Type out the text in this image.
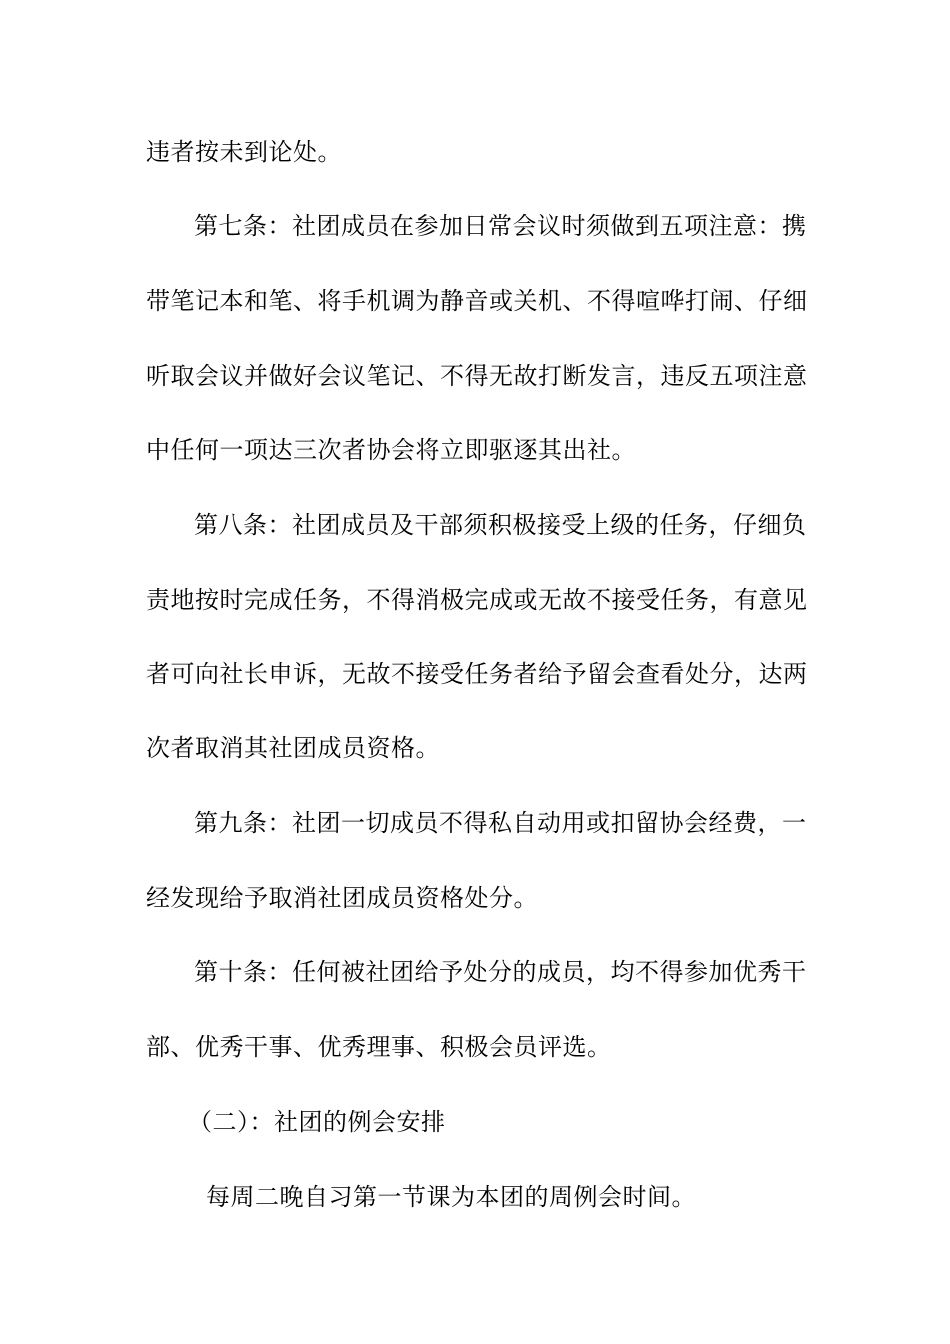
违者按未到论处。
第七条：社团成员在参加日常会议时须做到五项注意：携
带笔记本和笔、将手机调为静音或关机、不得喧哗打闹、仔细
听取会议并做好会议笔记、不得无故打断发言，违反五项注意
中任何一项达三次者协会将立即驱逐其出社。
第八条：社团成员及干部须积极接受上级的任务，仔细负
责地按时完成任务，不得消极完成或无故不接受任务，有意见
者可向社长申诉，无故不接受任务者给予留会查看处分，达两
次者取消其社团成员资格。
第九条：社团一切成员不得私自动用或扣留协会经费，一
经发现给予取消社团成员资格处分。
第十条：任何被社团给予处分的成员，均不得参加优秀干
部、优秀干事、优秀理事、积极会员评选。
（二）：社团的例会安排
每周二晚自习第一节课为本团的周例会时间。
